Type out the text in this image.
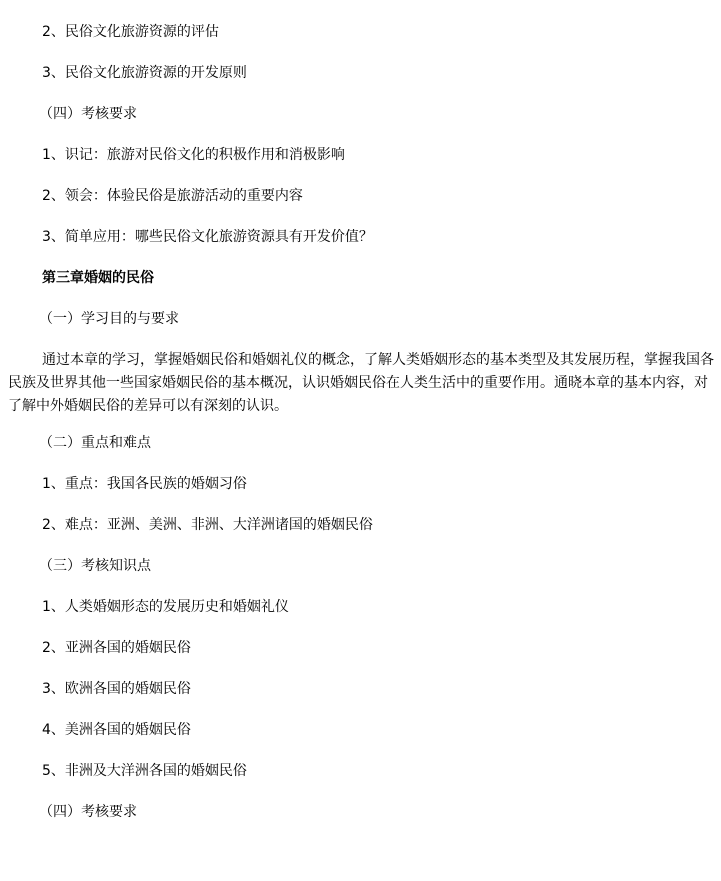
2、民俗文化旅游资源的评估
3、民俗文化旅游资源的开发原则
（四）考核要求
1、识记：旅游对民俗文化的积极作用和消极影响
2、领会：体验民俗是旅游活动的重要内容
3、简单应用：哪些民俗文化旅游资源具有开发价值？
第三章婚姻的民俗
（一）学习目的与要求
通过本章的学习，掌握婚姻民俗和婚姻礼仪的概念，了解人类婚姻形态的基本类型及其发展历程，掌握我国各民族及世界其他一些国家婚姻民俗的基本概况，认识婚姻民俗在人类生活中的重要作用。通晓本章的基本内容，对了解中外婚姻民俗的差异可以有深刻的认识。
（二）重点和难点
1、重点：我国各民族的婚姻习俗
2、难点：亚洲、美洲、非洲、大洋洲诸国的婚姻民俗
（三）考核知识点
1、人类婚姻形态的发展历史和婚姻礼仪
2、亚洲各国的婚姻民俗
3、欧洲各国的婚姻民俗
4、美洲各国的婚姻民俗
5、非洲及大洋洲各国的婚姻民俗
（四）考核要求
